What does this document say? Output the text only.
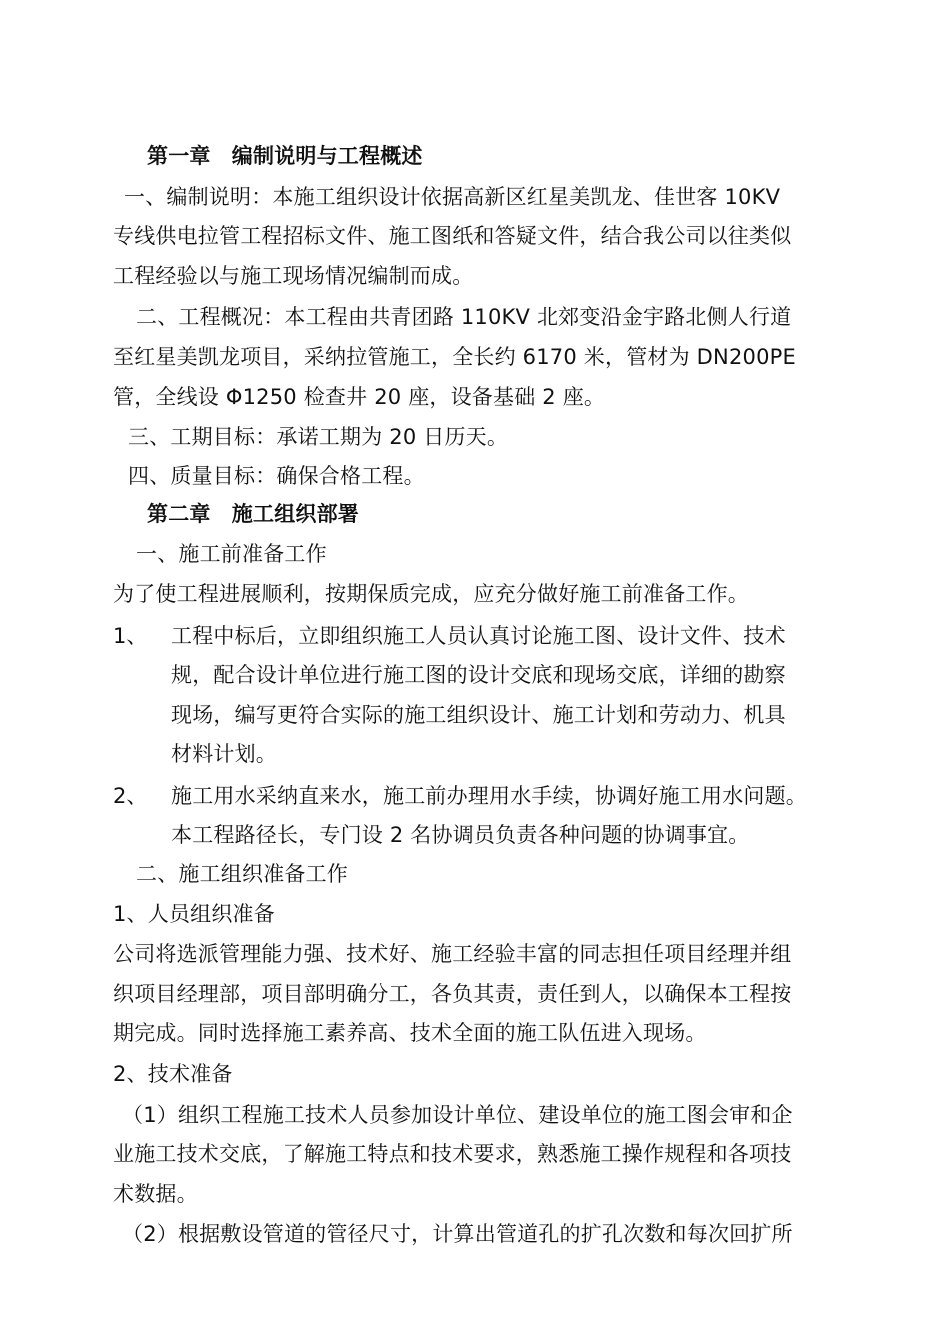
第一章　编制说明与工程概述
一、编制说明：本施工组织设计依据高新区红星美凯龙、佳世客 10KV
专线供电拉管工程招标文件、施工图纸和答疑文件，结合我公司以往类似
工程经验以与施工现场情况编制而成。
二、工程概况：本工程由共青团路 110KV 北郊变沿金宇路北侧人行道
至红星美凯龙项目，采纳拉管施工，全长约 6170 米，管材为 DN200PE
管，全线设 Φ1250 检查井 20 座，设备基础 2 座。
三、工期目标：承诺工期为 20 日历天。
四、质量目标：确保合格工程。
第二章　施工组织部署
一、施工前准备工作
为了使工程进展顺利，按期保质完成，应充分做好施工前准备工作。
1、 工程中标后，立即组织施工人员认真讨论施工图、设计文件、技术
规，配合设计单位进行施工图的设计交底和现场交底，详细的勘察
现场，编写更符合实际的施工组织设计、施工计划和劳动力、机具
材料计划。
2、 施工用水采纳直来水，施工前办理用水手续，协调好施工用水问题。
本工程路径长，专门设 2 名协调员负责各种问题的协调事宜。
二、施工组织准备工作
1、人员组织准备
公司将选派管理能力强、技术好、施工经验丰富的同志担任项目经理并组
织项目经理部，项目部明确分工，各负其责，责任到人，以确保本工程按
期完成。同时选择施工素养高、技术全面的施工队伍进入现场。
2、技术准备
（1）组织工程施工技术人员参加设计单位、建设单位的施工图会审和企
业施工技术交底，了解施工特点和技术要求，熟悉施工操作规程和各项技
术数据。
（2）根据敷设管道的管径尺寸，计算出管道孔的扩孔次数和每次回扩所
